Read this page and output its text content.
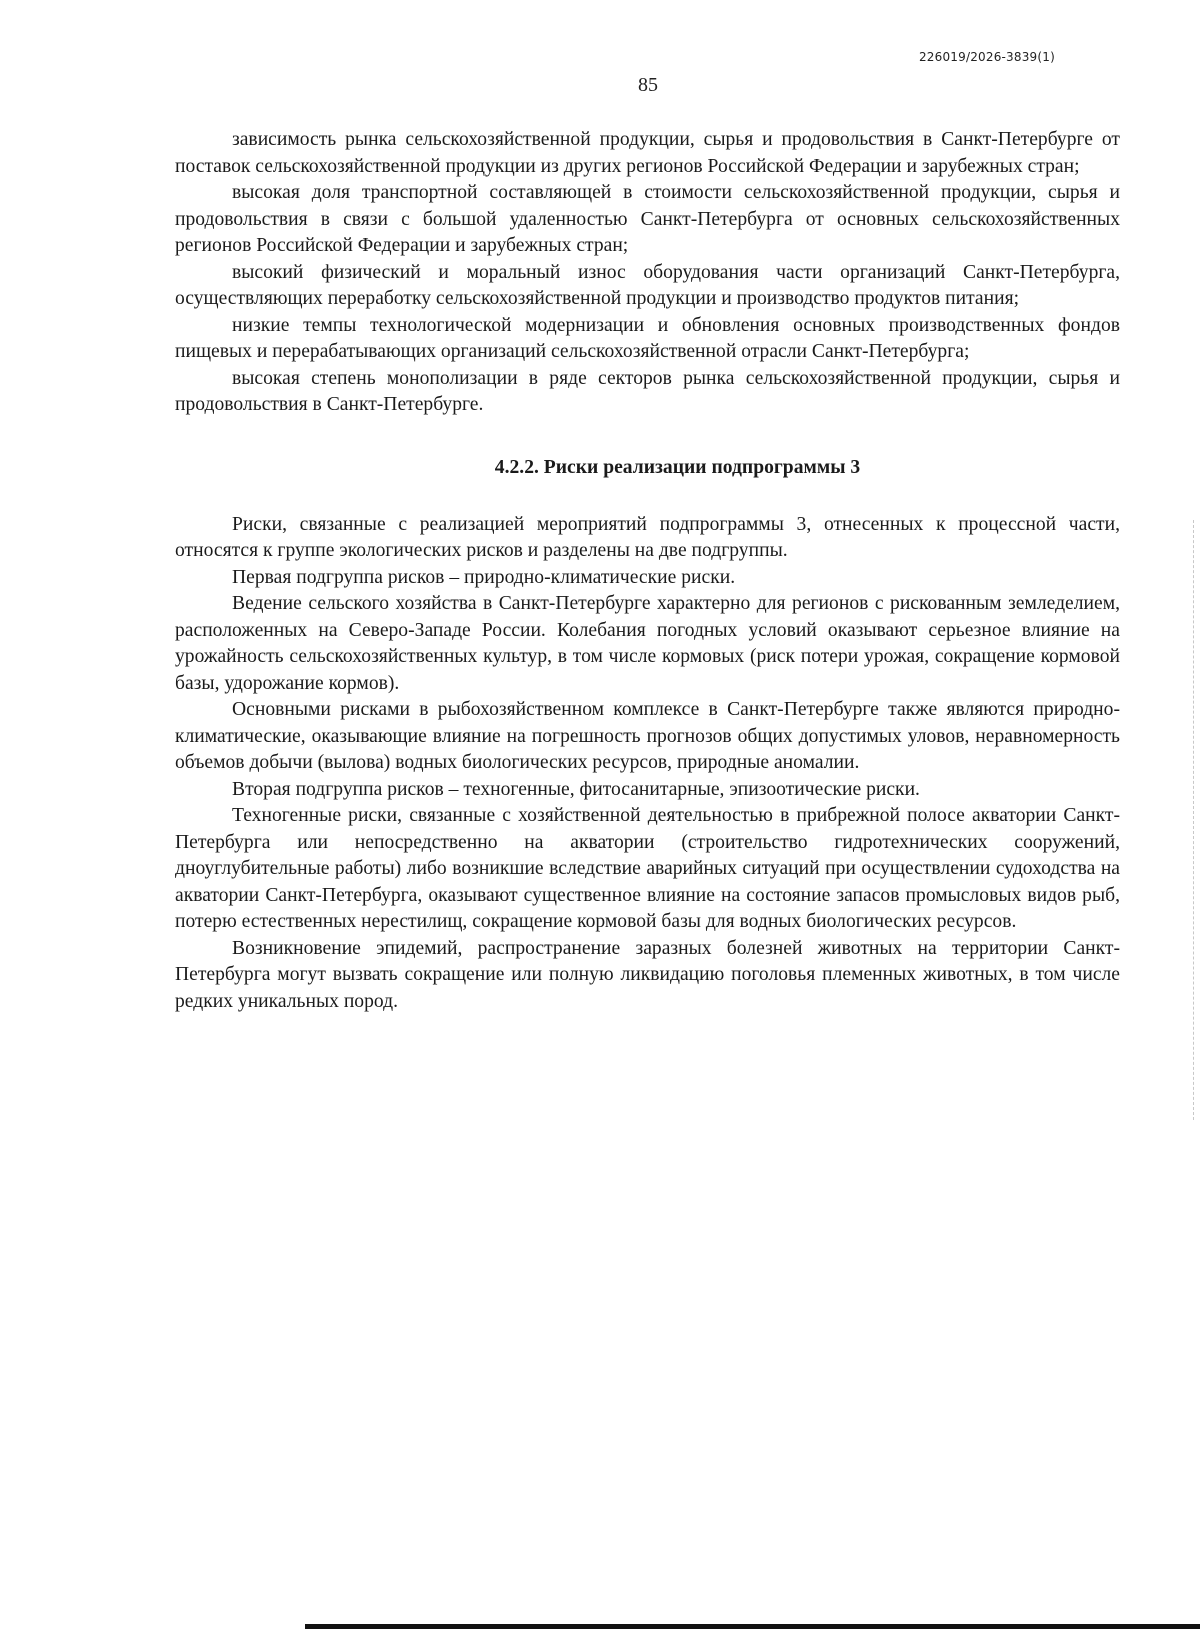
226019/2026-3839(1)
85

зависимость рынка сельскохозяйственной продукции, сырья и продовольствия в Санкт-Петербурге от поставок сельскохозяйственной продукции из других регионов Российской Федерации и зарубежных стран;

высокая доля транспортной составляющей в стоимости сельскохозяйственной продукции, сырья и продовольствия в связи с большой удаленностью Санкт-Петербурга от основных сельскохозяйственных регионов Российской Федерации и зарубежных стран;

высокий физический и моральный износ оборудования части организаций Санкт-Петербурга, осуществляющих переработку сельскохозяйственной продукции и производство продуктов питания;

низкие темпы технологической модернизации и обновления основных производственных фондов пищевых и перерабатывающих организаций сельскохозяйственной отрасли Санкт-Петербурга;

высокая степень монополизации в ряде секторов рынка сельскохозяйственной продукции, сырья и продовольствия в Санкт-Петербурге.

4.2.2. Риски реализации подпрограммы 3

Риски, связанные с реализацией мероприятий подпрограммы 3, отнесенных к процессной части, относятся к группе экологических рисков и разделены на две подгруппы.

Первая подгруппа рисков – природно-климатические риски.

Ведение сельского хозяйства в Санкт-Петербурге характерно для регионов с рискованным земледелием, расположенных на Северо-Западе России. Колебания погодных условий оказывают серьезное влияние на урожайность сельскохозяйственных культур, в том числе кормовых (риск потери урожая, сокращение кормовой базы, удорожание кормов).

Основными рисками в рыбохозяйственном комплексе в Санкт-Петербурге также являются природно-климатические, оказывающие влияние на погрешность прогнозов общих допустимых уловов, неравномерность объемов добычи (вылова) водных биологических ресурсов, природные аномалии.

Вторая подгруппа рисков – техногенные, фитосанитарные, эпизоотические риски.

Техногенные риски, связанные с хозяйственной деятельностью в прибрежной полосе акватории Санкт-Петербурга или непосредственно на акватории (строительство гидротехнических сооружений, дноуглубительные работы) либо возникшие вследствие аварийных ситуаций при осуществлении судоходства на акватории Санкт-Петербурга, оказывают существенное влияние на состояние запасов промысловых видов рыб, потерю естественных нерестилищ, сокращение кормовой базы для водных биологических ресурсов.

Возникновение эпидемий, распространение заразных болезней животных на территории Санкт-Петербурга могут вызвать сокращение или полную ликвидацию поголовья племенных животных, в том числе редких уникальных пород.
